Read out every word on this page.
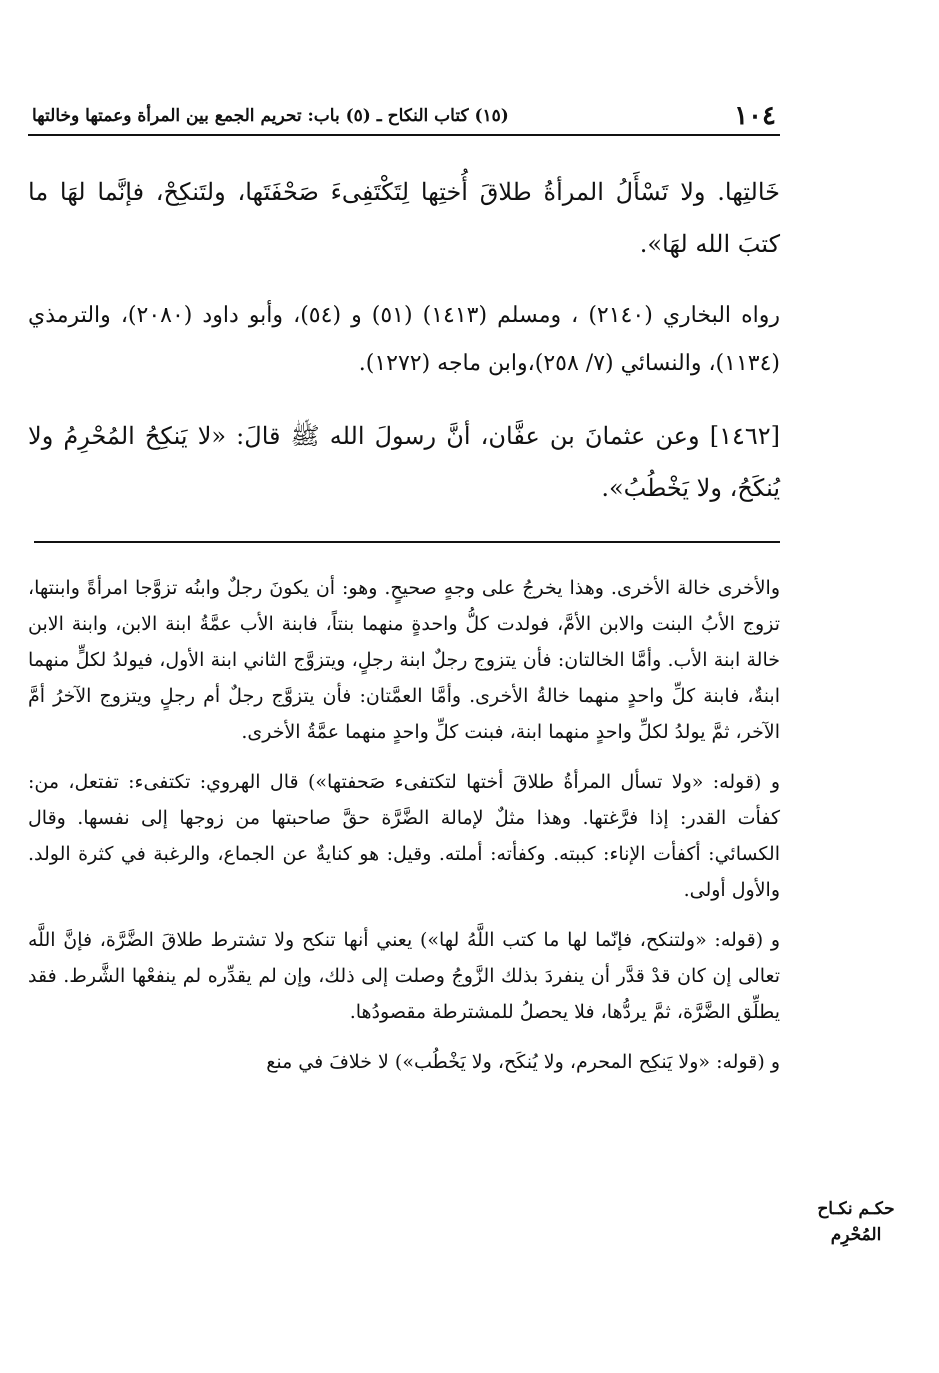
١٠٤
(١٥) كتاب النكاح ـ (٥) باب: تحريم الجمع بين المرأة وعمتها وخالتها

خَالتِها. ولا تَسْأَلُ المرأةُ طلاقَ أُختِها لِتَكْتَفِىءَ صَحْفَتَها، ولتَنكِحْ، فإنَّما لهَا ما كتبَ الله لهَا».

رواه البخاري (٢١٤٠) ، ومسلم (١٤١٣) (٥١) و (٥٤)، وأبو داود (٢٠٨٠)، والترمذي (١١٣٤)، والنسائي (٧/ ٢٥٨)،وابن ماجه (١٢٧٢).

[١٤٦٢] وعن عثمانَ بن عفَّان، أنَّ رسولَ الله ﷺ قالَ: «لا يَنكِحُ المُحْرِمُ ولا يُنكَحُ، ولا يَخْطُبُ».

والأخرى خالة الأخرى. وهذا يخرجُ على وجهٍ صحيحٍ. وهو: أن يكونَ رجلٌ وابنُه تزوَّجا امرأةً وابنتها، تزوج الأبُ البنت والابن الأمَّ، فولدت كلُّ واحدةٍ منهما بنتاً، فابنة الأب عمَّةُ ابنة الابن، وابنة الابن خالة ابنة الأب. وأمَّا الخالتان: فأن يتزوج رجلٌ ابنة رجلٍ، ويتزوَّج الثاني ابنة الأول، فيولدُ لكلٍّ منهما ابنةٌ، فابنة كلِّ واحدٍ منهما خالةُ الأخرى. وأمَّا العمَّتان: فأن يتزوَّج رجلٌ أم رجلٍ ويتزوج الآخرُ أمَّ الآخر، ثمَّ يولدُ لكلِّ واحدٍ منهما ابنة، فبنت كلِّ واحدٍ منهما عمَّةُ الأخرى.

و (قوله: «ولا تسأل المرأةُ طلاقَ أختها لتكتفىء صَحفتها») قال الهروي: تكتفىء: تفتعل، من: كفأت القدر: إذا فرَّغتها. وهذا مثلٌ لإمالة الضَّرَّة حقَّ صاحبتها من زوجها إلى نفسها. وقال الكسائي: أكفأت الإناء: كببته. وكفأته: أملته. وقيل: هو كنايةٌ عن الجماع، والرغبة في كثرة الولد. والأول أولى.

و (قوله: «ولتنكح، فإنّما لها ما كتب اللَّهُ لها») يعني أنها تنكح ولا تشترط طلاقَ الضَّرَّة، فإنَّ اللَّه تعالى إن كان قدْ قدَّر أن ينفردَ بذلك الزَّوجُ وصلت إلى ذلك، وإن لم يقدِّره لم ينفعْها الشَّرط. فقد يطلِّق الضَّرَّة، ثمَّ يردُّها، فلا يحصلُ للمشترطة مقصودُها.

و (قوله: «ولا يَنكِح المحرم، ولا يُنكَح، ولا يَخْطُب») لا خلافَ في منع

حكـم نكـاح المُحْرِم
